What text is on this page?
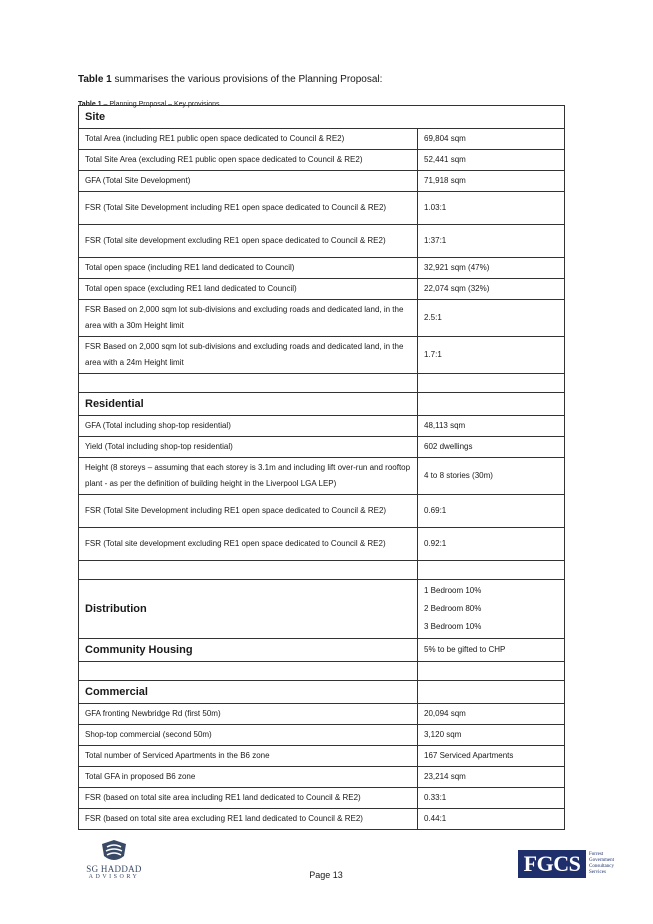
Table 1 summarises the various provisions of the Planning Proposal:

Table 1 – Planning Proposal – Key provisions

Site	
Total Area (including RE1 public open space dedicated to Council & RE2)	69,804 sqm
Total Site Area (excluding RE1 public open space dedicated to Council & RE2)	52,441 sqm
GFA (Total Site Development)	71,918 sqm
FSR (Total Site Development including RE1 open space dedicated to Council & RE2)	1.03:1
FSR (Total site development excluding RE1 open space dedicated to Council & RE2)	1:37:1
Total open space (including RE1 land dedicated to Council)	32,921 sqm (47%)
Total open space (excluding RE1 land dedicated to Council)	22,074 sqm (32%)
FSR Based on 2,000 sqm lot sub-divisions and excluding roads and dedicated land, in the area with a 30m Height limit	2.5:1
FSR Based on 2,000 sqm lot sub-divisions and excluding roads and dedicated land, in the area with a 24m Height limit	1.7:1

Residential	
GFA (Total including shop-top residential)	48,113 sqm
Yield (Total including shop-top residential)	602 dwellings
Height (8 storeys – assuming that each storey is 3.1m and including lift over-run and rooftop plant - as per the definition of building height in the Liverpool LGA LEP)	4 to 8 stories (30m)
FSR (Total Site Development including RE1 open space dedicated to Council & RE2)	0.69:1
FSR (Total site development excluding RE1 open space dedicated to Council & RE2)	0.92:1

Distribution	1 Bedroom 10%
2 Bedroom 80%
3 Bedroom 10%

Community Housing	5% to be gifted to CHP

Commercial	
GFA fronting Newbridge Rd (first 50m)	20,094 sqm
Shop-top commercial (second 50m)	3,120 sqm
Total number of Serviced Apartments in the B6 zone	167 Serviced Apartments
Total GFA in proposed B6 zone	23,214 sqm
FSR (based on total site area including RE1 land dedicated to Council & RE2)	0.33:1
FSR (based on total site area excluding RE1 land dedicated to Council & RE2)	0.44:1
SG HADDAD
ADVISORY	Page 13	FGCS	Forrest
Government
Consultancy
Services
